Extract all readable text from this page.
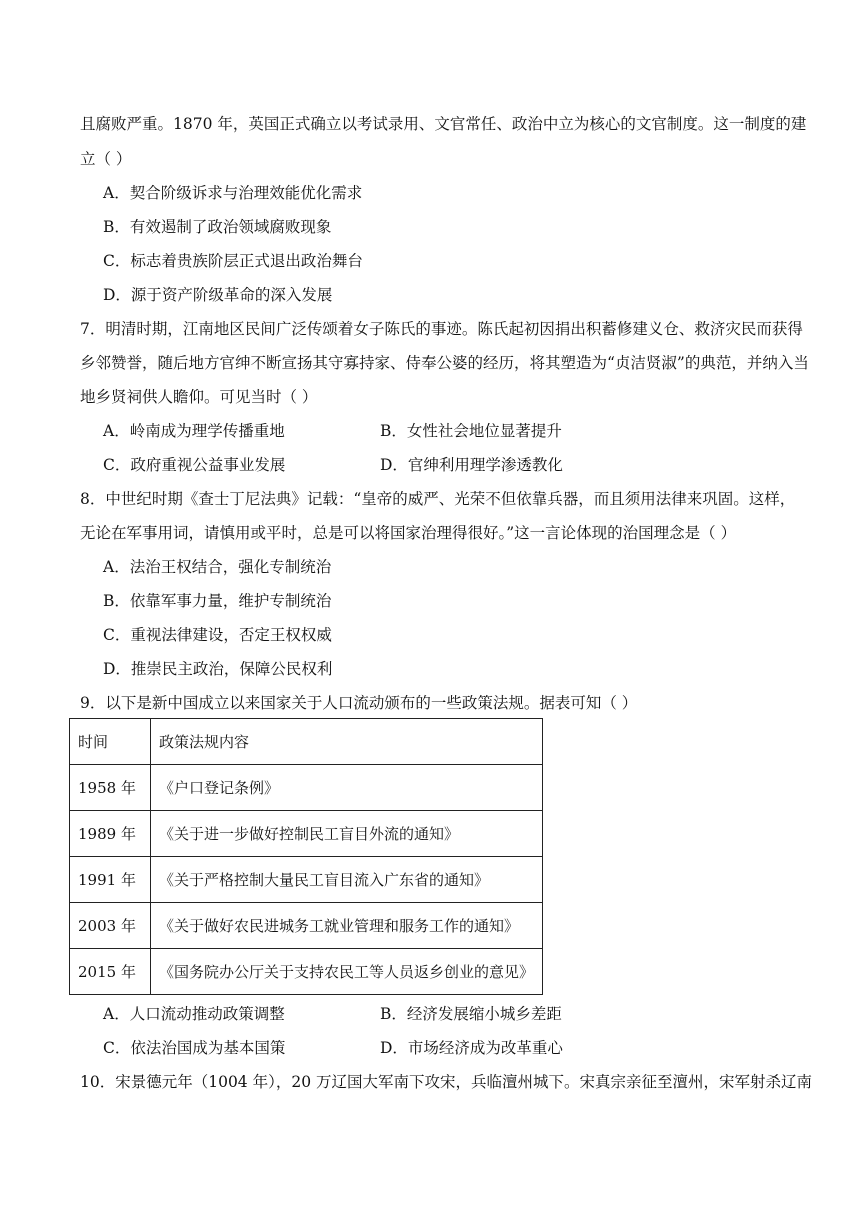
且腐败严重。1870 年，英国正式确立以考试录用、文官常任、政治中立为核心的文官制度。这一制度的建
立（ ）
A．契合阶级诉求与治理效能优化需求
B．有效遏制了政治领域腐败现象
C．标志着贵族阶层正式退出政治舞台
D．源于资产阶级革命的深入发展
7．明清时期，江南地区民间广泛传颂着女子陈氏的事迹。陈氏起初因捐出积蓄修建义仓、救济灾民而获得
乡邻赞誉，随后地方官绅不断宣扬其守寡持家、侍奉公婆的经历，将其塑造为“贞洁贤淑”的典范，并纳入当
地乡贤祠供人瞻仰。可见当时（ ）
A．岭南成为理学传播重地	B．女性社会地位显著提升
C．政府重视公益事业发展	D．官绅利用理学渗透教化
8．中世纪时期《查士丁尼法典》记载：“皇帝的威严、光荣不但依靠兵器，而且须用法律来巩固。这样，
无论在军事用词，请慎用或平时，总是可以将国家治理得很好。”这一言论体现的治国理念是（ ）
A．法治王权结合，强化专制统治
B．依靠军事力量，维护专制统治
C．重视法律建设，否定王权权威
D．推崇民主政治，保障公民权利
9．以下是新中国成立以来国家关于人口流动颁布的一些政策法规。据表可知（ ）
时间	政策法规内容
1958 年	《户口登记条例》
1989 年	《关于进一步做好控制民工盲目外流的通知》
1991 年	《关于严格控制大量民工盲目流入广东省的通知》
2003 年	《关于做好农民进城务工就业管理和服务工作的通知》
2015 年	《国务院办公厅关于支持农民工等人员返乡创业的意见》
A．人口流动推动政策调整	B．经济发展缩小城乡差距
C．依法治国成为基本国策	D．市场经济成为改革重心
10．宋景德元年（1004 年），20 万辽国大军南下攻宋，兵临澶州城下。宋真宗亲征至澶州，宋军射杀辽南
